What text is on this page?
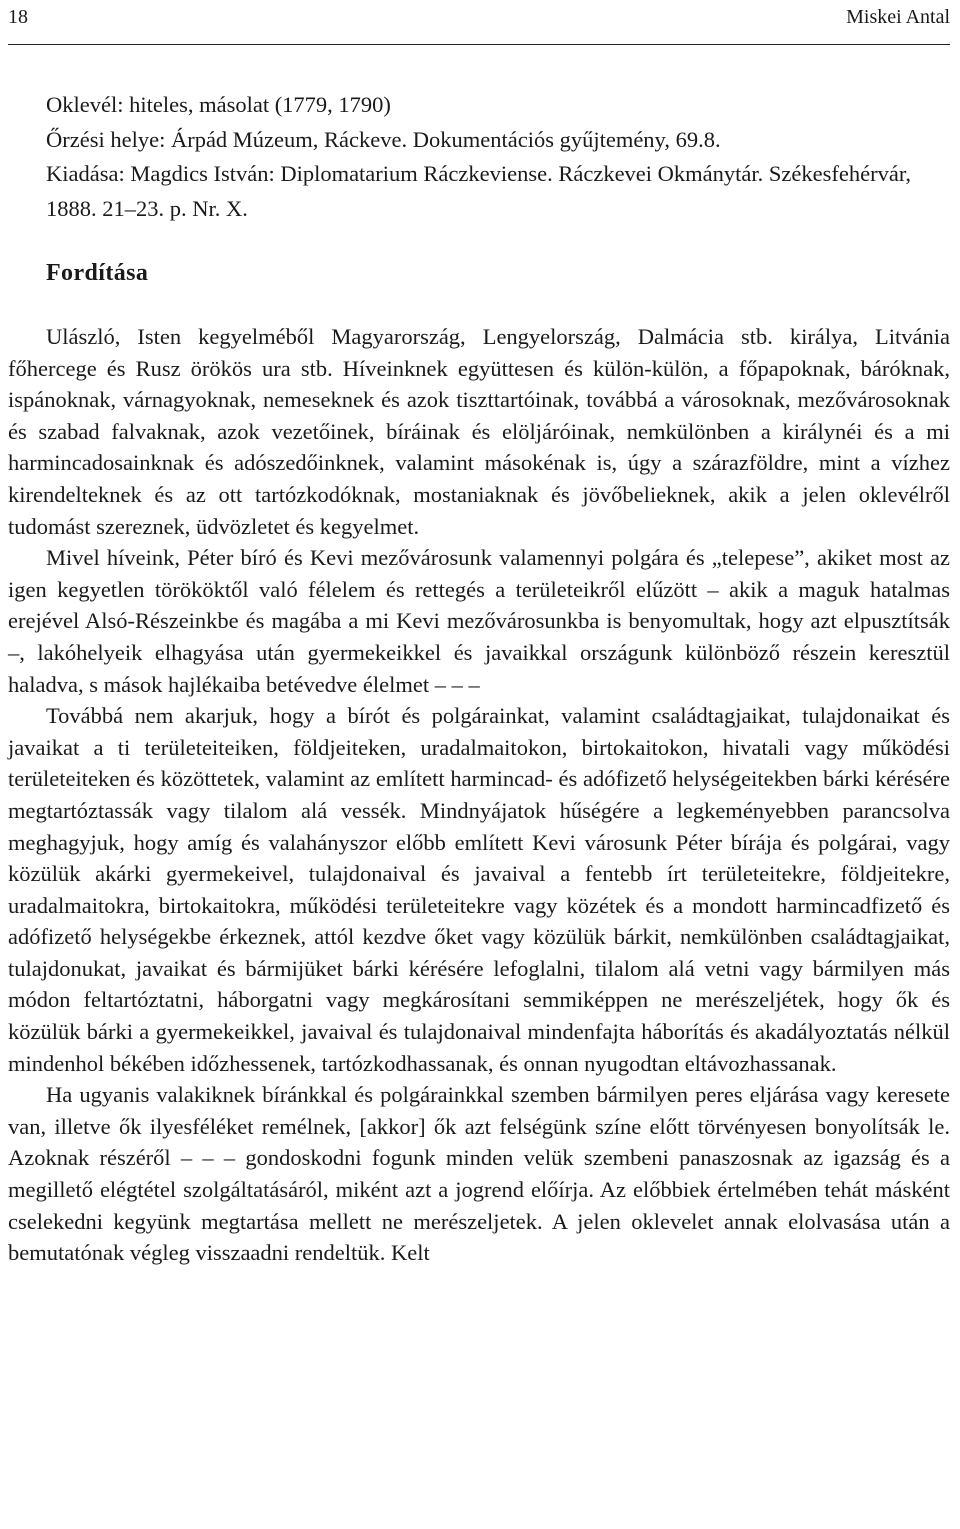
18	Miskei Antal

Oklevél: hiteles, másolat (1779, 1790)

Őrzési helye: Árpád Múzeum, Ráckeve. Dokumentációs gyűjtemény, 69.8.

Kiadása: Magdics István: Diplomatarium Ráczkeviense. Ráczkevei Okmánytár. Székesfehérvár, 1888. 21–23. p. Nr. X.

Fordítása

Ulászló, Isten kegyelméből Magyarország, Lengyelország, Dalmácia stb. királya, Litvánia főhercege és Rusz örökös ura stb. Híveinknek együttesen és külön-külön, a főpapoknak, báróknak, ispánoknak, várnagyoknak, nemeseknek és azok tiszttartóinak, továbbá a városoknak, mezővárosoknak és szabad falvaknak, azok vezetőinek, bíráinak és elöljáróinak, nemkülönben a királynéi és a mi harmincadosainknak és adószedőinknek, valamint másokénak is, úgy a szárazföldre, mint a vízhez kirendelteknek és az ott tartózkodóknak, mostaniaknak és jövőbelieknek, akik a jelen oklevélről tudomást szereznek, üdvözletet és kegyelmet.

Mivel híveink, Péter bíró és Kevi mezővárosunk valamennyi polgára és „telepese”, akiket most az igen kegyetlen törököktől való félelem és rettegés a területeikről elűzött – akik a maguk hatalmas erejével Alsó-Részeinkbe és magába a mi Kevi mezővárosunkba is benyomultak, hogy azt elpusztítsák –, lakóhelyeik elhagyása után gyermekeikkel és javaikkal országunk különböző részein keresztül haladva, s mások hajlékaiba betévedve élelmet – – –

Továbbá nem akarjuk, hogy a bírót és polgárainkat, valamint családtagjaikat, tulajdonaikat és javaikat a ti területeiteiken, földjeiteken, uradalmaitokon, birtokaitokon, hivatali vagy működési területeiteken és közöttetek, valamint az említett harmincad- és adófizető helységeitekben bárki kérésére megtartóztassák vagy tilalom alá vessék. Mindnyájatok hűségére a legkeményebben parancsolva meghagyjuk, hogy amíg és valahányszor előbb említett Kevi városunk Péter bírája és polgárai, vagy közülük akárki gyermekeivel, tulajdonaival és javaival a fentebb írt területeitekre, földjeitekre, uradalmaitokra, birtokaitokra, működési területeitekre vagy közétek és a mondott harmincadfizető és adófizető helységekbe érkeznek, attól kezdve őket vagy közülük bárkit, nemkülönben családtagjaikat, tulajdonukat, javaikat és bármijüket bárki kérésére lefoglalni, tilalom alá vetni vagy bármilyen más módon feltartóztatni, háborgatni vagy megkárosítani semmiképpen ne merészeljétek, hogy ők és közülük bárki a gyermekeikkel, javaival és tulajdonaival mindenfajta háborítás és akadályoztatás nélkül mindenhol békében időzhessenek, tartózkodhassanak, és onnan nyugodtan eltávozhassanak.

Ha ugyanis valakiknek bíránkkal és polgárainkkal szemben bármilyen peres eljárása vagy keresete van, illetve ők ilyesféléket remélnek, [akkor] ők azt felségünk színe előtt törvényesen bonyolítsák le. Azoknak részéről – – – gondoskodni fogunk minden velük szembeni panaszosnak az igazság és a megillető elégtétel szolgáltatásáról, miként azt a jogrend előírja. Az előbbiek értelmében tehát másként cselekedni kegyünk megtartása mellett ne merészeljetek. A jelen oklevelet annak elolvasása után a bemutatónak végleg visszaadni rendeltük. Kelt
